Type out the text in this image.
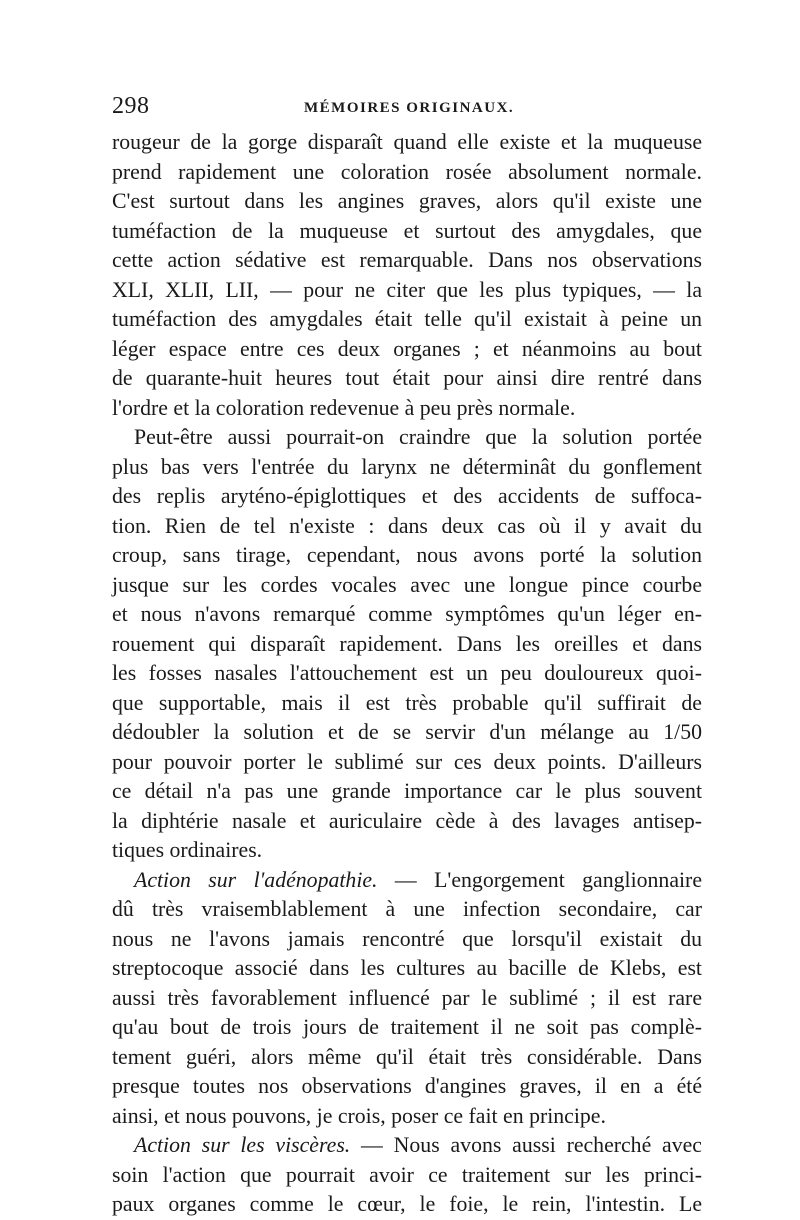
298	MÉMOIRES ORIGINAUX.
rougeur de la gorge disparaît quand elle existe et la muqueuse
prend rapidement une coloration rosée absolument normale.
C'est surtout dans les angines graves, alors qu'il existe une
tuméfaction de la muqueuse et surtout des amygdales, que
cette action sédative est remarquable. Dans nos observations
XLI, XLII, LII, — pour ne citer que les plus typiques, — la
tuméfaction des amygdales était telle qu'il existait à peine un
léger espace entre ces deux organes ; et néanmoins au bout
de quarante-huit heures tout était pour ainsi dire rentré dans
l'ordre et la coloration redevenue à peu près normale.
Peut-être aussi pourrait-on craindre que la solution portée
plus bas vers l'entrée du larynx ne déterminât du gonflement
des replis aryténo-épiglottiques et des accidents de suffoca-
tion. Rien de tel n'existe : dans deux cas où il y avait du
croup, sans tirage, cependant, nous avons porté la solution
jusque sur les cordes vocales avec une longue pince courbe
et nous n'avons remarqué comme symptômes qu'un léger en-
rouement qui disparaît rapidement. Dans les oreilles et dans
les fosses nasales l'attouchement est un peu douloureux quoi-
que supportable, mais il est très probable qu'il suffirait de
dédoubler la solution et de se servir d'un mélange au 1/50
pour pouvoir porter le sublimé sur ces deux points. D'ailleurs
ce détail n'a pas une grande importance car le plus souvent
la diphtérie nasale et auriculaire cède à des lavages antisep-
tiques ordinaires.
Action sur l'adénopathie. — L'engorgement ganglionnaire
dû très vraisemblablement à une infection secondaire, car
nous ne l'avons jamais rencontré que lorsqu'il existait du
streptocoque associé dans les cultures au bacille de Klebs, est
aussi très favorablement influencé par le sublimé ; il est rare
qu'au bout de trois jours de traitement il ne soit pas complè-
tement guéri, alors même qu'il était très considérable. Dans
presque toutes nos observations d'angines graves, il en a été
ainsi, et nous pouvons, je crois, poser ce fait en principe.
Action sur les viscères. — Nous avons aussi recherché avec
soin l'action que pourrait avoir ce traitement sur les princi-
paux organes comme le cœur, le foie, le rein, l'intestin. Le
